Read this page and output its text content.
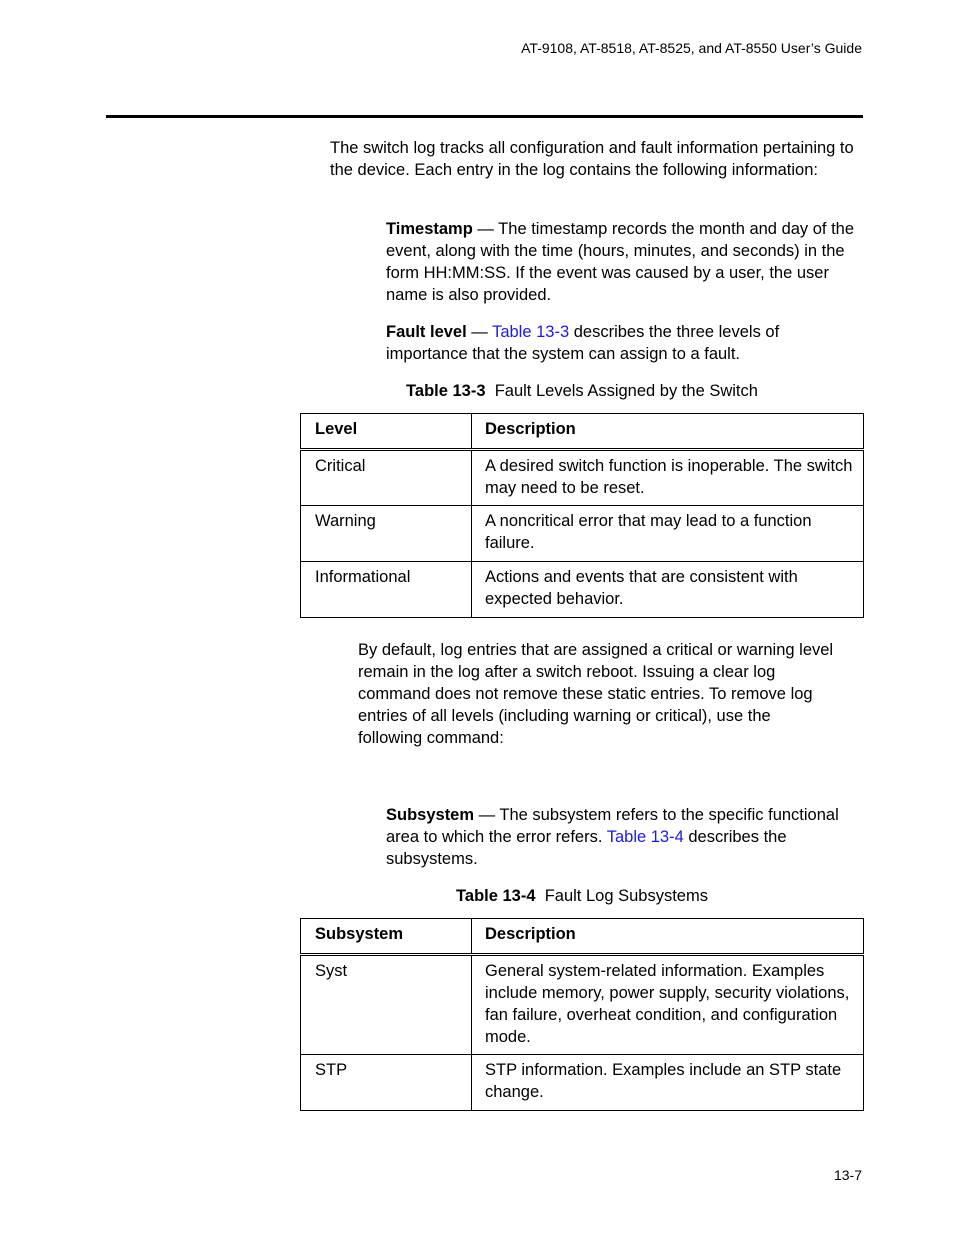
AT-9108, AT-8518, AT-8525, and AT-8550 User’s Guide

The switch log tracks all configuration and fault information pertaining to the device. Each entry in the log contains the following information:

Timestamp — The timestamp records the month and day of the event, along with the time (hours, minutes, and seconds) in the form HH:MM:SS. If the event was caused by a user, the user name is also provided.

Fault level — Table 13-3 describes the three levels of importance that the system can assign to a fault.

Table 13-3  Fault Levels Assigned by the Switch
Level	Description
Critical	A desired switch function is inoperable. The switch may need to be reset.
Warning	A noncritical error that may lead to a function failure.
Informational	Actions and events that are consistent with expected behavior.

By default, log entries that are assigned a critical or warning level remain in the log after a switch reboot. Issuing a clear log command does not remove these static entries. To remove log entries of all levels (including warning or critical), use the following command:

Subsystem — The subsystem refers to the specific functional area to which the error refers. Table 13-4 describes the subsystems.

Table 13-4  Fault Log Subsystems
Subsystem	Description
Syst	General system-related information. Examples include memory, power supply, security violations, fan failure, overheat condition, and configuration mode.
STP	STP information. Examples include an STP state change.
13-7
